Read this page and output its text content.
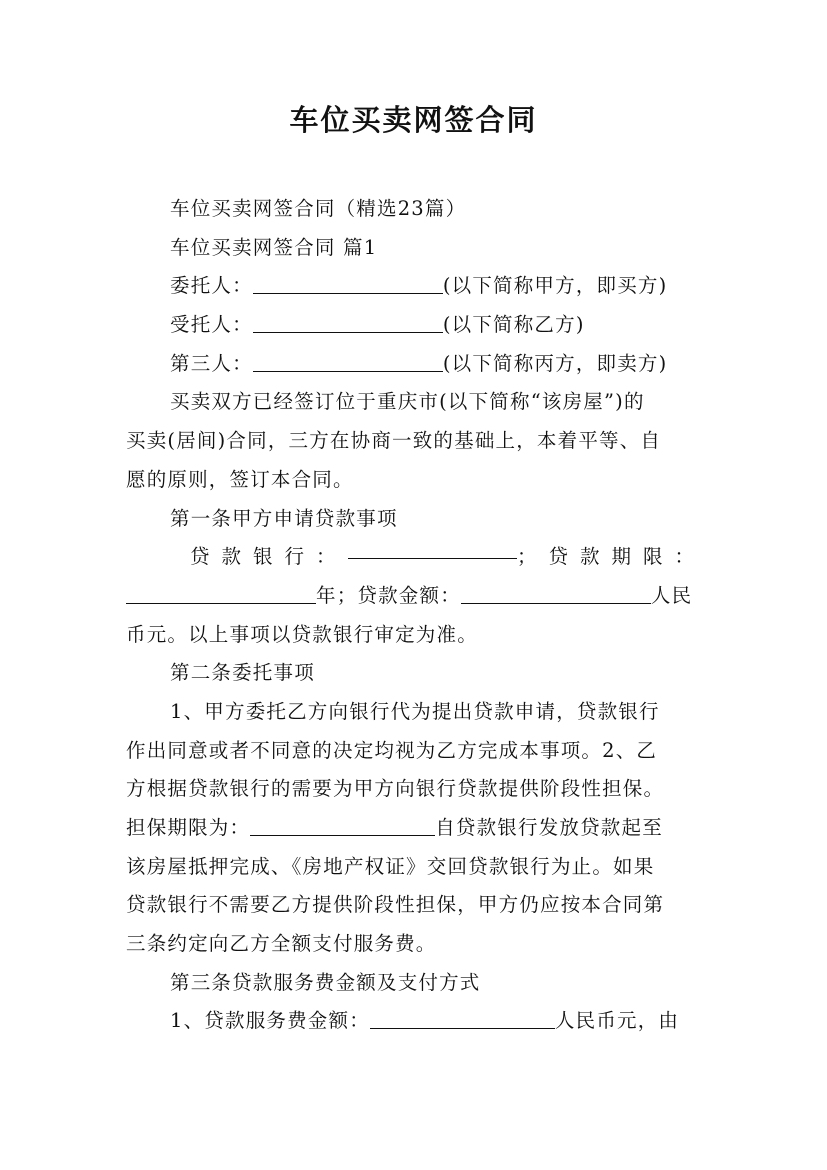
车位买卖网签合同
车位买卖网签合同（精选23篇）
车位买卖网签合同 篇1
委托人：	(以下简称甲方，即买方)
受托人：	(以下简称乙方)
第三人：	(以下简称丙方，即卖方)
买卖双方已经签订位于重庆市(以下简称“该房屋”)的
买卖(居间)合同，三方在协商一致的基础上，本着平等、自
愿的原则，签订本合同。
第一条甲方申请贷款事项
贷款银行：	；贷款期限：
年；贷款金额：	人民
币元。以上事项以贷款银行审定为准。
第二条委托事项
1、甲方委托乙方向银行代为提出贷款申请，贷款银行
作出同意或者不同意的决定均视为乙方完成本事项。2、乙
方根据贷款银行的需要为甲方向银行贷款提供阶段性担保。
担保期限为：	自贷款银行发放贷款起至
该房屋抵押完成、《房地产权证》交回贷款银行为止。如果
贷款银行不需要乙方提供阶段性担保，甲方仍应按本合同第
三条约定向乙方全额支付服务费。
第三条贷款服务费金额及支付方式
1、贷款服务费金额：	人民币元，由
